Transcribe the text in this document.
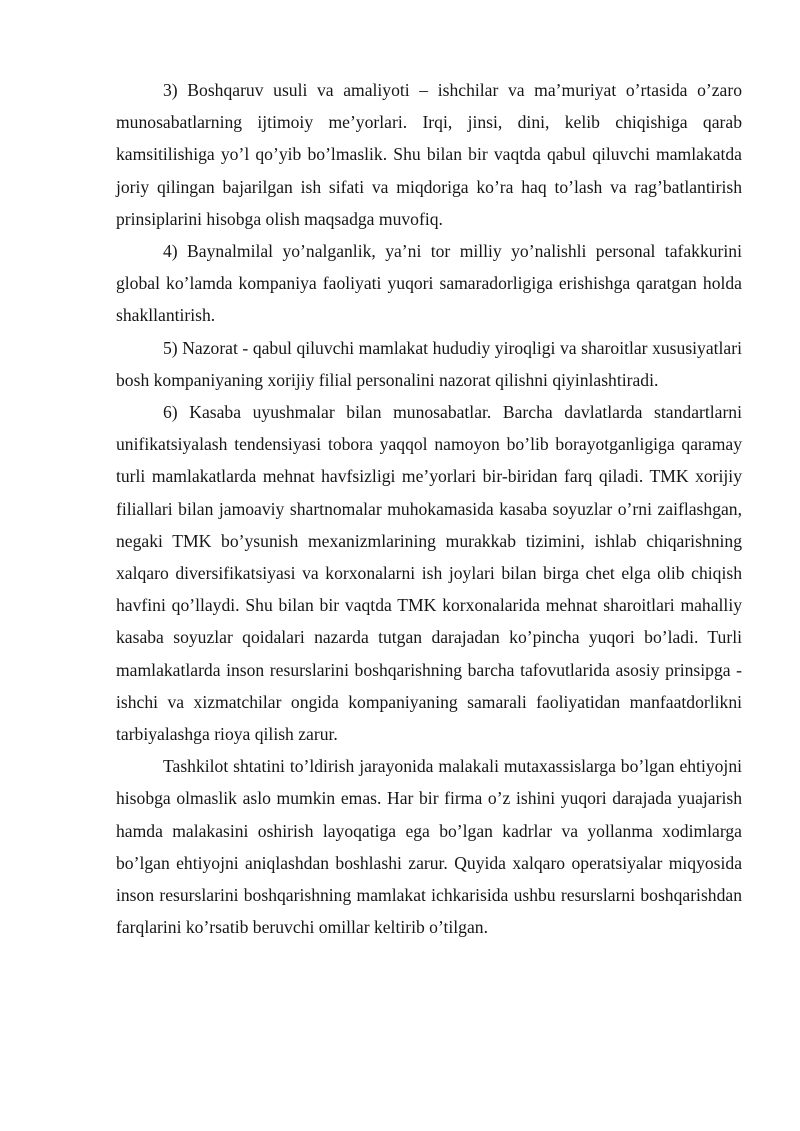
3) Boshqaruv usuli va amaliyoti – ishchilar va ma’muriyat o’rtasida o’zaro munosabatlarning ijtimoiy me’yorlari. Irqi, jinsi, dini, kelib chiqishiga qarab kamsitilishiga yo’l qo’yib bo’lmaslik. Shu bilan bir vaqtda qabul qiluvchi mamlakatda joriy qilingan bajarilgan ish sifati va miqdoriga ko’ra haq to’lash va rag’batlantirish prinsiplarini hisobga olish maqsadga muvofiq.

4) Baynalmilal yo’nalganlik, ya’ni tor milliy yo’nalishli personal tafakkurini global ko’lamda kompaniya faoliyati yuqori samaradorligiga erishishga qaratgan holda shakllantirish.

5) Nazorat - qabul qiluvchi mamlakat hududiy yiroqligi va sharoitlar xususiyatlari bosh kompaniyaning xorijiy filial personalini nazorat qilishni qiyinlashtiradi.

6) Kasaba uyushmalar bilan munosabatlar. Barcha davlatlarda standartlarni unifikatsiyalash tendensiyasi tobora yaqqol namoyon bo’lib borayotganligiga qaramay turli mamlakatlarda mehnat havfsizligi me’yorlari bir-biridan farq qiladi. TMK xorijiy filiallari bilan jamoaviy shartnomalar muhokamasida kasaba soyuzlar o’rni zaiflashgan, negaki TMK bo’ysunish mexanizmlarining murakkab tizimini, ishlab chiqarishning xalqaro diversifikatsiyasi va korxonalarni ish joylari bilan birga chet elga olib chiqish havfini qo’llaydi. Shu bilan bir vaqtda TMK korxonalarida mehnat sharoitlari mahalliy kasaba soyuzlar qoidalari nazarda tutgan darajadan ko’pincha yuqori bo’ladi. Turli mamlakatlarda inson resurslarini boshqarishning barcha tafovutlarida asosiy prinsipga - ishchi va xizmatchilar ongida kompaniyaning samarali faoliyatidan manfaatdorlikni tarbiyalashga rioya qilish zarur.

Tashkilot shtatini to’ldirish jarayonida malakali mutaxassislarga bo’lgan ehtiyojni hisobga olmaslik aslo mumkin emas. Har bir firma o’z ishini yuqori darajada yuajarish hamda malakasini oshirish layoqatiga ega bo’lgan kadrlar va yollanma xodimlarga bo’lgan ehtiyojni aniqlashdan boshlashi zarur. Quyida xalqaro operatsiyalar miqyosida inson resurslarini boshqarishning mamlakat ichkarisida ushbu resurslarni boshqarishdan farqlarini ko’rsatib beruvchi omillar keltirib o’tilgan.
